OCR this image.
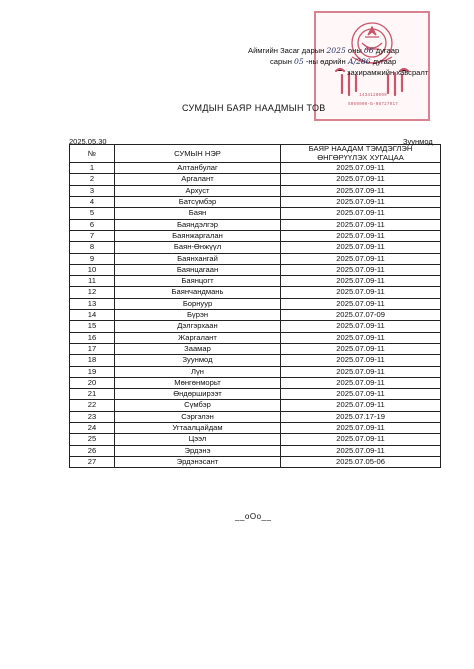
1434120009
5050000-Б-08727017
Аймгийн Засаг дарын 2025 оны 06 дугаар
сарын 05 -ны өдрийн А/286 дугаар
захирамжийн хавсралт
СУМДЫН БАЯР НААДМЫН ТОВ
2025.05.30	Зуунмод
№	СУМЫН НЭР	БАЯР НААДАМ ТЭМДЭГЛЭН
ӨНГӨРҮҮЛЭХ ХУГАЦАА
1	Алтанбулаг	2025.07.09-11
2	Аргалант	2025.07.09-11
3	Архуст	2025.07.09-11
4	Батсүмбэр	2025.07.09-11
5	Баян	2025.07.09-11
6	Баяндэлгэр	2025.07.09-11
7	Баянжаргалан	2025.07.09-11
8	Баян-Өнжүүл	2025.07.09-11
9	Баянхангай	2025.07.09-11
10	Баянцагаан	2025.07.09-11
11	Баянцогт	2025.07.09-11
12	Баянчандмань	2025.07.09-11
13	Борнуур	2025.07.09-11
14	Бүрэн	2025.07.07-09
15	Дэлгэрхаан	2025.07.09-11
16	Жаргалант	2025.07.09-11
17	Заамар	2025.07.09-11
18	Зуунмод	2025.07.09-11
19	Лүн	2025.07.09-11
20	Мөнгөнморьт	2025.07.09-11
21	Өндөрширээт	2025.07.09-11
22	Сүмбэр	2025.07.09-11
23	Сэргэлэн	2025.07.17-19
24	Угтаалцайдам	2025.07.09-11
25	Цээл	2025.07.09-11
26	Эрдэнэ	2025.07.09-11
27	Эрдэнэсант	2025.07.05-06
__oOo__
